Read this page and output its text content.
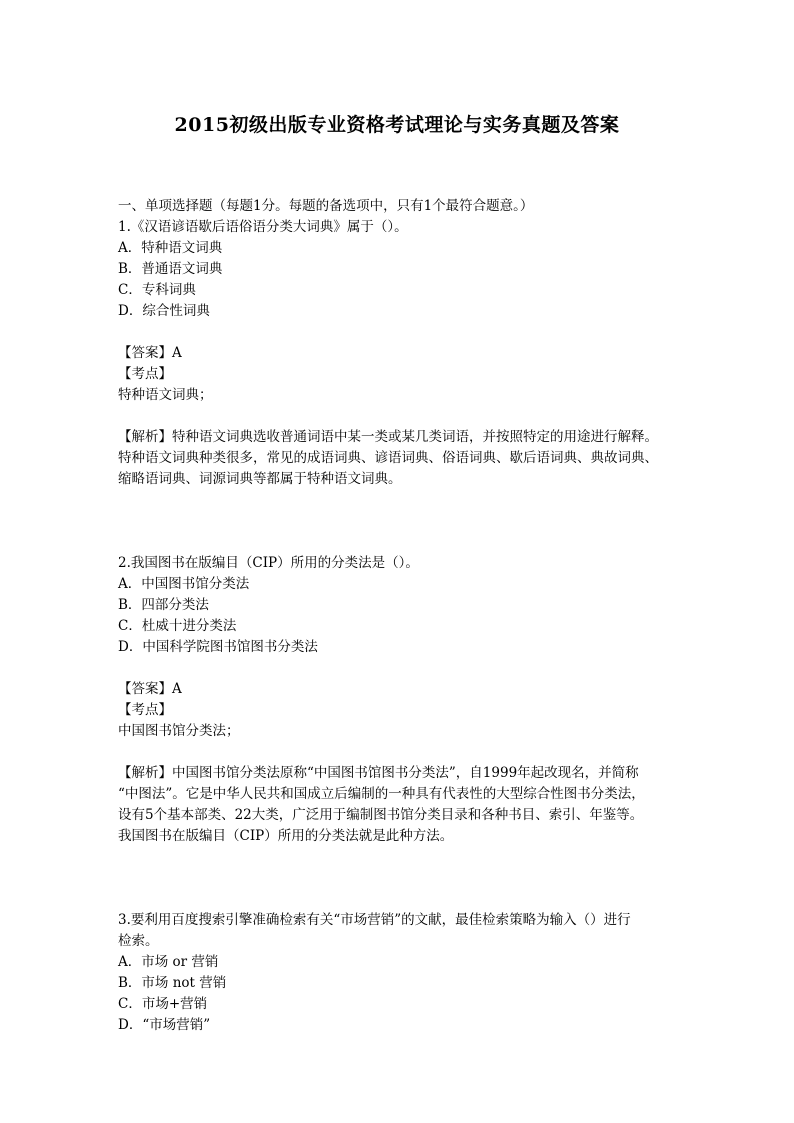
2015初级出版专业资格考试理论与实务真题及答案
一、单项选择题（每题1分。每题的备选项中，只有1个最符合题意。）
1.《汉语谚语歇后语俗语分类大词典》属于（）。
A．特种语文词典
B．普通语文词典
C．专科词典
D．综合性词典
【答案】A
【考点】
特种语文词典；
【解析】特种语文词典选收普通词语中某一类或某几类词语，并按照特定的用途进行解释。
特种语文词典种类很多，常见的成语词典、谚语词典、俗语词典、歇后语词典、典故词典、
缩略语词典、词源词典等都属于特种语文词典。
2.我国图书在版编目（CIP）所用的分类法是（）。
A．中国图书馆分类法
B．四部分类法
C．杜威十进分类法
D．中国科学院图书馆图书分类法
【答案】A
【考点】
中国图书馆分类法；
【解析】中国图书馆分类法原称“中国图书馆图书分类法”，自1999年起改现名，并简称
“中图法”。它是中华人民共和国成立后编制的一种具有代表性的大型综合性图书分类法，
设有5个基本部类、22大类，广泛用于编制图书馆分类目录和各种书目、索引、年鉴等。
我国图书在版编目（CIP）所用的分类法就是此种方法。
3.要利用百度搜索引擎准确检索有关“市场营销”的文献，最佳检索策略为输入（）进行
检索。
A．市场 or 营销
B．市场 not 营销
C．市场+营销
D．“市场营销”
